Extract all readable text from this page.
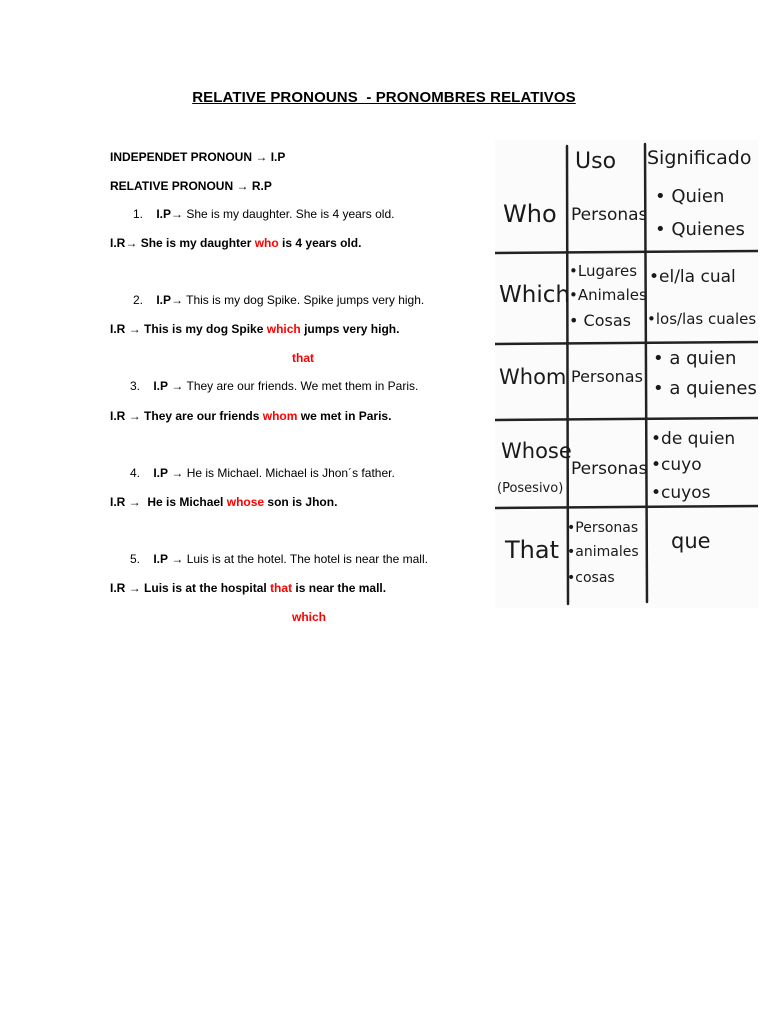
RELATIVE PRONOUNS  - PRONOMBRES RELATIVOS
INDEPENDET PRONOUN → I.P
RELATIVE PRONOUN → R.P
1. I.P→ She is my daughter. She is 4 years old.
I.R→ She is my daughter who is 4 years old.
2. I.P→ This is my dog Spike. Spike jumps very high.
I.R → This is my dog Spike which jumps very high.
that
3. I.P → They are our friends. We met them in Paris.
I.R → They are our friends whom we met in Paris.
4. I.P → He is Michael. Michael is Jhon´s father.
I.R → He is Michael whose son is Jhon.
5. I.P → Luis is at the hotel. The hotel is near the mall.
I.R → Luis is at the hospital that is near the mall.
which
Uso Significado
Who Personas
• Quien
• Quienes
Which
•Lugares
•Animales
• Cosas
•el/la cual
•los/las cuales
Whom Personas
• a quien
• a quienes
Whose
(Posesivo)
Personas
•de quien
•cuyo
•cuyos
That
•Personas
•animales
•cosas
que
